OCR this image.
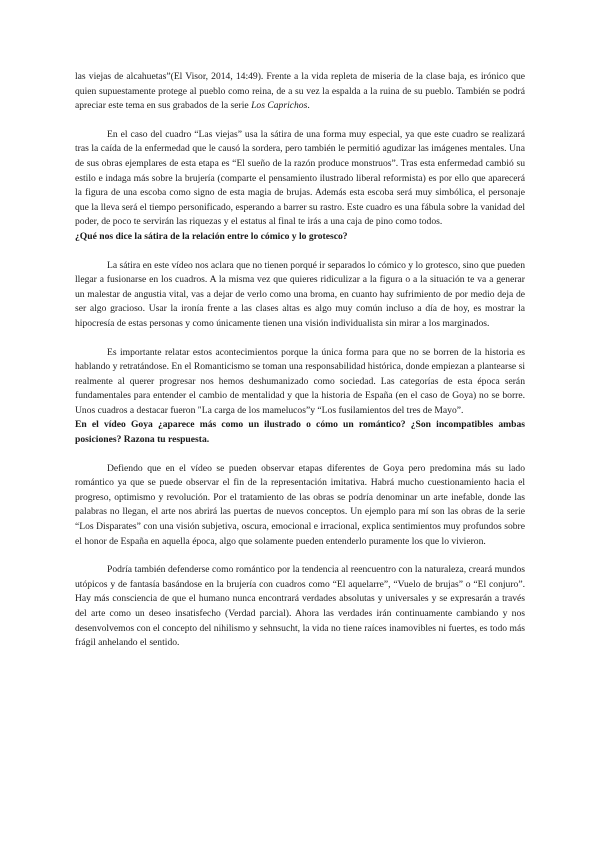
las viejas de alcahuetas”(El Visor, 2014, 14:49). Frente a la vida repleta de miseria de la clase baja, es irónico que quien supuestamente protege al pueblo como reina, de a su vez la espalda a la ruina de su pueblo. También se podrá apreciar este tema en sus grabados de la serie Los Caprichos.

En el caso del cuadro “Las viejas” usa la sátira de una forma muy especial, ya que este cuadro se realizará tras la caída de la enfermedad que le causó la sordera, pero también le permitió agudizar las imágenes mentales. Una de sus obras ejemplares de esta etapa es “El sueño de la razón produce monstruos”. Tras esta enfermedad cambió su estilo e indaga más sobre la brujería (comparte el pensamiento ilustrado liberal reformista) es por ello que aparecerá la figura de una escoba como signo de esta magia de brujas. Además esta escoba será muy simbólica, el personaje que la lleva será el tiempo personificado, esperando a barrer su rastro. Este cuadro es una fábula sobre la vanidad del poder, de poco te servirán las riquezas y el estatus al final te irás a una caja de pino como todos.

¿Qué nos dice la sátira de la relación entre lo cómico y lo grotesco?

La sátira en este vídeo nos aclara que no tienen porqué ir separados lo cómico y lo grotesco, sino que pueden llegar a fusionarse en los cuadros. A la misma vez que quieres ridiculizar a la figura o a la situación te va a generar un malestar de angustia vital, vas a dejar de verlo como una broma, en cuanto hay sufrimiento de por medio deja de ser algo gracioso. Usar la ironía frente a las clases altas es algo muy común incluso a día de hoy, es mostrar la hipocresía de estas personas y como únicamente tienen una visión individualista sin mirar a los marginados.

Es importante relatar estos acontecimientos porque la única forma para que no se borren de la historia es hablando y retratándose. En el Romanticismo se toman una responsabilidad histórica, donde empiezan a plantearse si realmente al querer progresar nos hemos deshumanizado como sociedad. Las categorías de esta época serán fundamentales para entender el cambio de mentalidad y que la historia de España (en el caso de Goya) no se borre. Unos cuadros a destacar fueron "La carga de los mamelucos”y “Los fusilamientos del tres de Mayo”.

En el vídeo Goya ¿aparece más como un ilustrado o cómo un romántico? ¿Son incompatibles ambas posiciones? Razona tu respuesta.

Defiendo que en el vídeo se pueden observar etapas diferentes de Goya pero predomina más su lado romántico ya que se puede observar el fin de la representación imitativa. Habrá mucho cuestionamiento hacia el progreso, optimismo y revolución. Por el tratamiento de las obras se podría denominar un arte inefable, donde las palabras no llegan, el arte nos abrirá las puertas de nuevos conceptos. Un ejemplo para mí son las obras de la serie “Los Disparates” con una visión subjetiva, oscura, emocional e irracional, explica sentimientos muy profundos sobre el honor de España en aquella época, algo que solamente pueden entenderlo puramente los que lo vivieron.

Podría también defenderse como romántico por la tendencia al reencuentro con la naturaleza, creará mundos utópicos y de fantasía basándose en la brujería con cuadros como “El aquelarre”, “Vuelo de brujas” o “El conjuro”. Hay más consciencia de que el humano nunca encontrará verdades absolutas y universales y se expresarán a través del arte como un deseo insatisfecho (Verdad parcial). Ahora las verdades irán continuamente cambiando y nos desenvolvemos con el concepto del nihilismo y sehnsucht, la vida no tiene raíces inamovibles ni fuertes, es todo más frágil anhelando el sentido.
